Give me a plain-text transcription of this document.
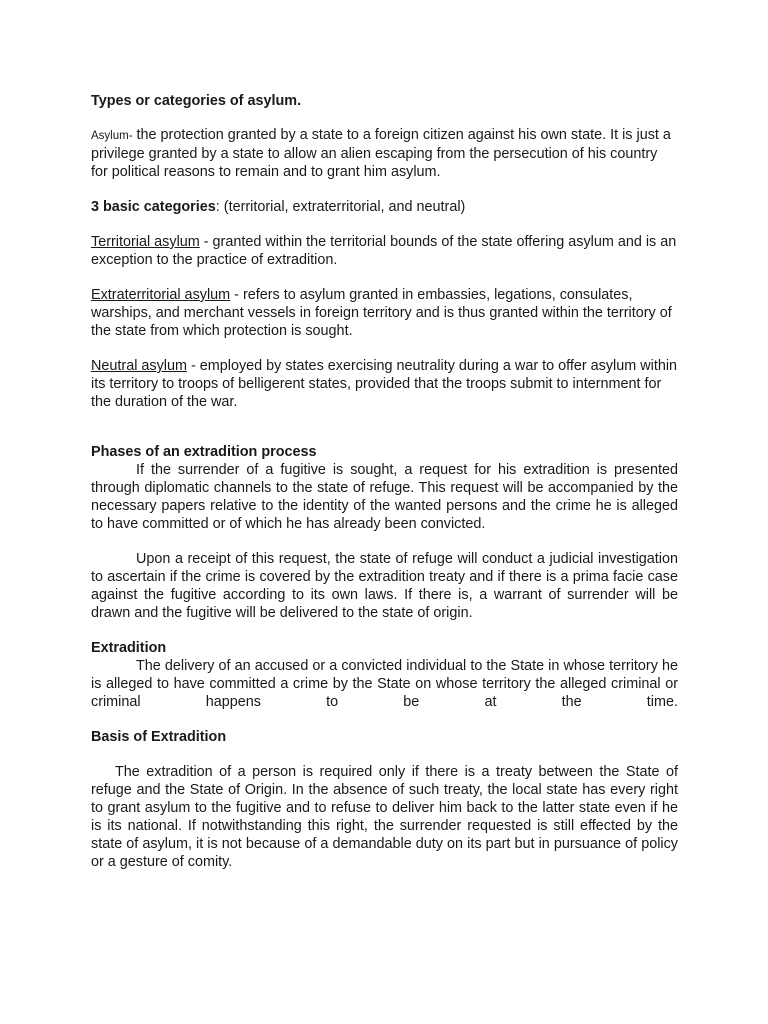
Types or categories of asylum.

Asylum- the protection granted by a state to a foreign citizen against his own state. It is just a privilege granted by a state to allow an alien escaping from the persecution of his country for political reasons to remain and to grant him asylum.

3 basic categories: (territorial, extraterritorial, and neutral)

Territorial asylum - granted within the territorial bounds of the state offering asylum and is an exception to the practice of extradition.

Extraterritorial asylum - refers to asylum granted in embassies, legations, consulates, warships, and merchant vessels in foreign territory and is thus granted within the territory of the state from which protection is sought.

Neutral asylum - employed by states exercising neutrality during a war to offer asylum within its territory to troops of belligerent states, provided that the troops submit to internment for the duration of the war.

Phases of an extradition process

If the surrender of a fugitive is sought, a request for his extradition is presented through diplomatic channels to the state of refuge. This request will be accompanied by the necessary papers relative to the identity of the wanted persons and the crime he is alleged to have committed or of which he has already been convicted.

Upon a receipt of this request, the state of refuge will conduct a judicial investigation to ascertain if the crime is covered by the extradition treaty and if there is a prima facie case against the fugitive according to its own laws. If there is, a warrant of surrender will be drawn and the fugitive will be delivered to the state of origin.

Extradition

The delivery of an accused or a convicted individual to the State in whose territory he is alleged to have committed a crime by the State on whose territory the alleged criminal or criminal happens to be at the time.

Basis of Extradition

The extradition of a person is required only if there is a treaty between the State of refuge and the State of Origin. In the absence of such treaty, the local state has every right to grant asylum to the fugitive and to refuse to deliver him back to the latter state even if he is its national. If notwithstanding this right, the surrender requested is still effected by the state of asylum, it is not because of a demandable duty on its part but in pursuance of policy or a gesture of comity.
